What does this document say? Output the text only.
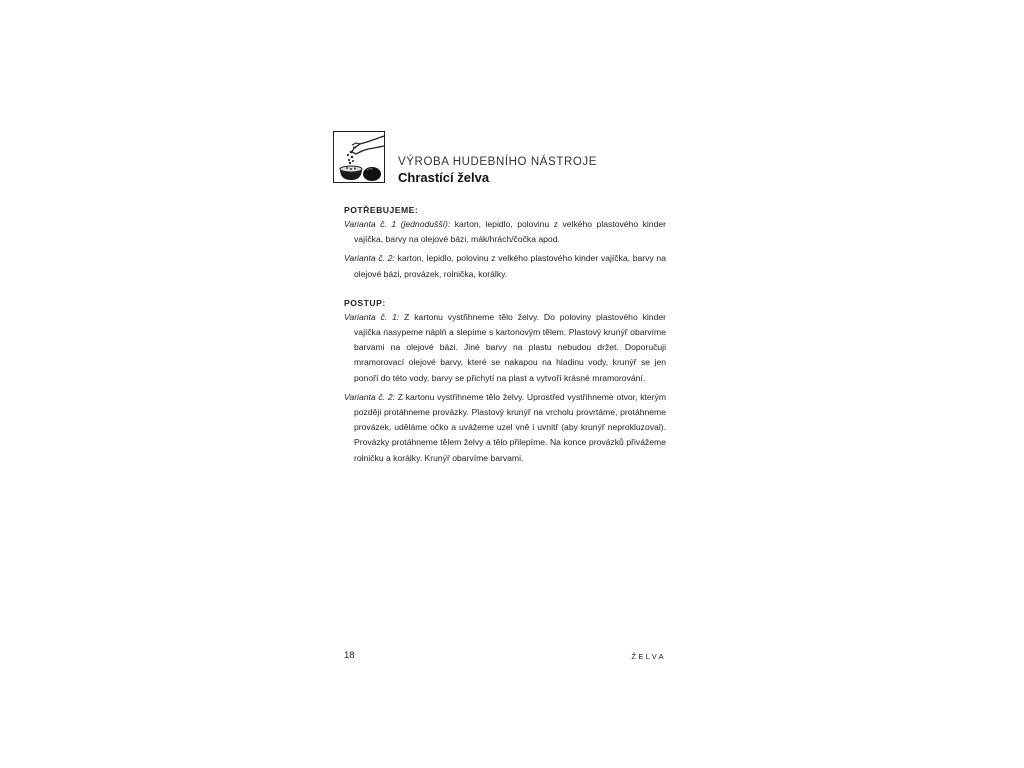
VÝROBA HUDEBNÍHO NÁSTROJE
Chrastící želva

POTŘEBUJEME:

Varianta č. 1 (jednodušší): karton, lepidlo, polovinu z velkého plastového kinder vajíčka, barvy na olejové bázi, mák/hrách/čočka apod.

Varianta č. 2: karton, lepidlo, polovinu z velkého plastového kinder vajíčka, barvy na olejové bázi, provázek, rolnička, korálky.

POSTUP:

Varianta č. 1: Z kartonu vystřihneme tělo želvy. Do poloviny plastového kinder vajíčka nasypeme náplň a slepíme s kartonovým tělem. Plastový krunýř obarvíme barvami na olejové bázi. Jiné barvy na plastu nebudou držet. Doporučuji mramorovací olejové barvy, které se nakapou na hladinu vody, krunýř se jen ponoří do této vody, barvy se přichytí na plast a vytvoří krásné mramorování.

Varianta č. 2: Z kartonu vystřihneme tělo želvy. Uprostřed vystřihneme otvor, kterým později protáhneme provázky. Plastový krunýř na vrcholu provrtáme, protáhneme provázek, uděláme očko a uvážeme uzel vně i uvnitř (aby krunýř neprokluzoval). Provázky protáhneme tělem želvy a tělo přilepíme. Na konce provázků přivážeme rolničku a korálky. Krunýř obarvíme barvami.

18	ŽELVA
